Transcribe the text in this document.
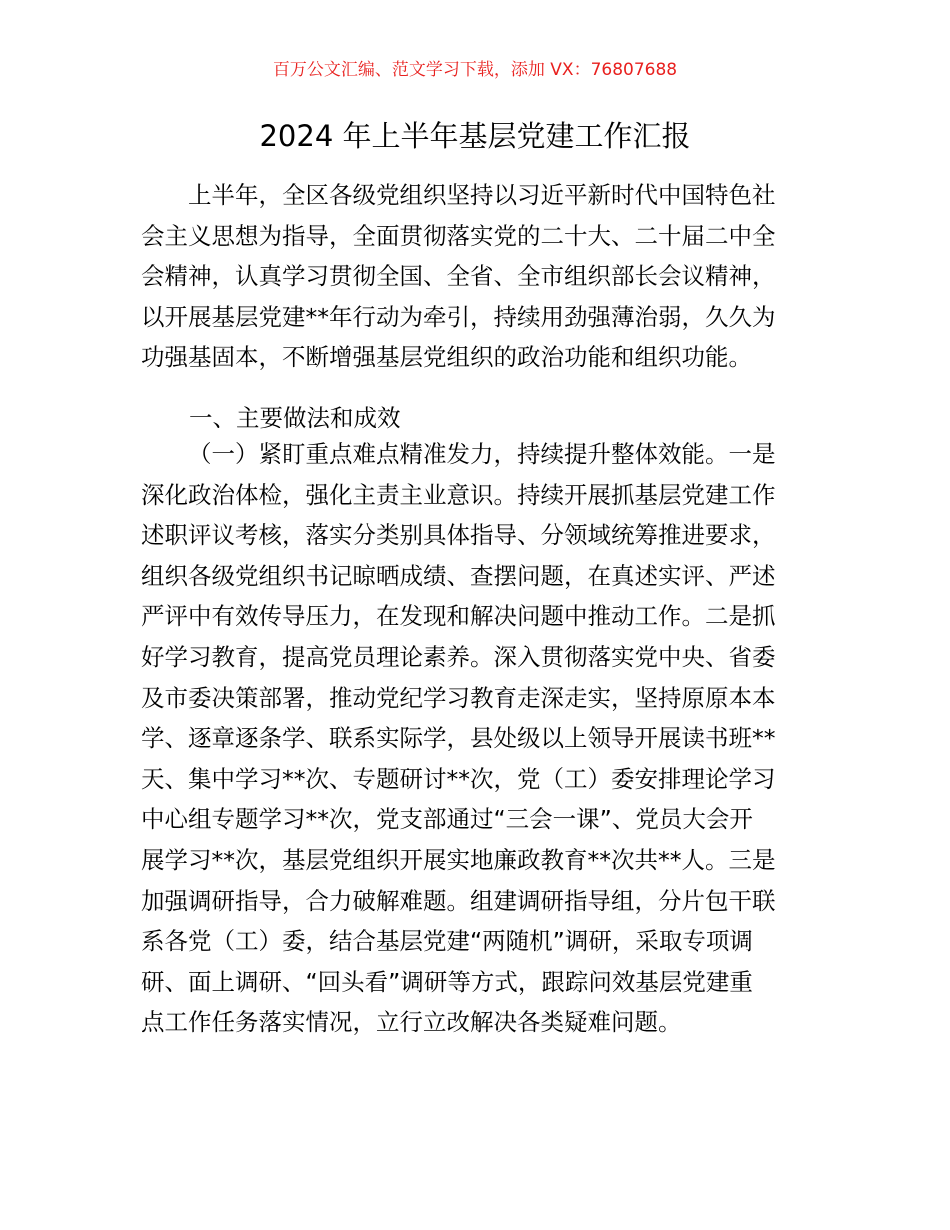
百万公文汇编、范文学习下载，添加 VX：76807688
2024 年上半年基层党建工作汇报
上半年，全区各级党组织坚持以习近平新时代中国特色社
会主义思想为指导，全面贯彻落实党的二十大、二十届二中全
会精神，认真学习贯彻全国、全省、全市组织部长会议精神，
以开展基层党建**年行动为牵引，持续用劲强薄治弱，久久为
功强基固本，不断增强基层党组织的政治功能和组织功能。
一、主要做法和成效
（一）紧盯重点难点精准发力，持续提升整体效能。一是
深化政治体检，强化主责主业意识。持续开展抓基层党建工作
述职评议考核，落实分类别具体指导、分领域统筹推进要求，
组织各级党组织书记晾晒成绩、查摆问题，在真述实评、严述
严评中有效传导压力，在发现和解决问题中推动工作。二是抓
好学习教育，提高党员理论素养。深入贯彻落实党中央、省委
及市委决策部署，推动党纪学习教育走深走实，坚持原原本本
学、逐章逐条学、联系实际学，县处级以上领导开展读书班**
天、集中学习**次、专题研讨**次，党（工）委安排理论学习
中心组专题学习**次，党支部通过“三会一课”、党员大会开
展学习**次，基层党组织开展实地廉政教育**次共**人。三是
加强调研指导，合力破解难题。组建调研指导组，分片包干联
系各党（工）委，结合基层党建“两随机”调研，采取专项调
研、面上调研、“回头看”调研等方式，跟踪问效基层党建重
点工作任务落实情况，立行立改解决各类疑难问题。
